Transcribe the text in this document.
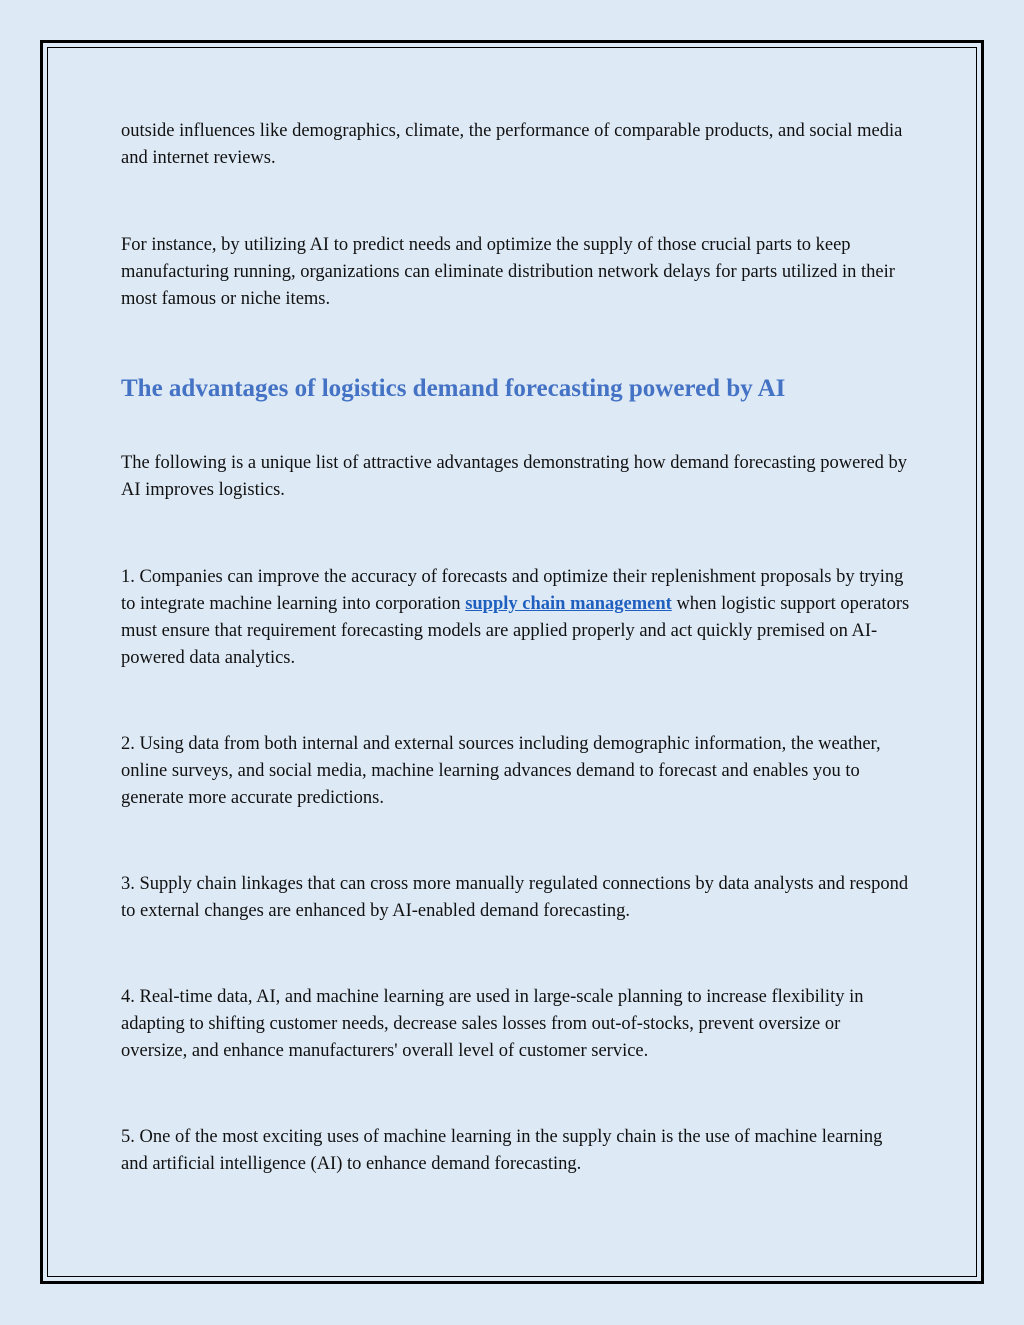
outside influences like demographics, climate, the performance of comparable products, and social media and internet reviews.

For instance, by utilizing AI to predict needs and optimize the supply of those crucial parts to keep manufacturing running, organizations can eliminate distribution network delays for parts utilized in their most famous or niche items.

The advantages of logistics demand forecasting powered by AI

The following is a unique list of attractive advantages demonstrating how demand forecasting powered by AI improves logistics.

1. Companies can improve the accuracy of forecasts and optimize their replenishment proposals by trying to integrate machine learning into corporation supply chain management when logistic support operators must ensure that requirement forecasting models are applied properly and act quickly premised on AI-powered data analytics.

2. Using data from both internal and external sources including demographic information, the weather, online surveys, and social media, machine learning advances demand to forecast and enables you to generate more accurate predictions.

3. Supply chain linkages that can cross more manually regulated connections by data analysts and respond to external changes are enhanced by AI-enabled demand forecasting.

4. Real-time data, AI, and machine learning are used in large-scale planning to increase flexibility in adapting to shifting customer needs, decrease sales losses from out-of-stocks, prevent oversize or oversize, and enhance manufacturers' overall level of customer service.

5. One of the most exciting uses of machine learning in the supply chain is the use of machine learning and artificial intelligence (AI) to enhance demand forecasting.
